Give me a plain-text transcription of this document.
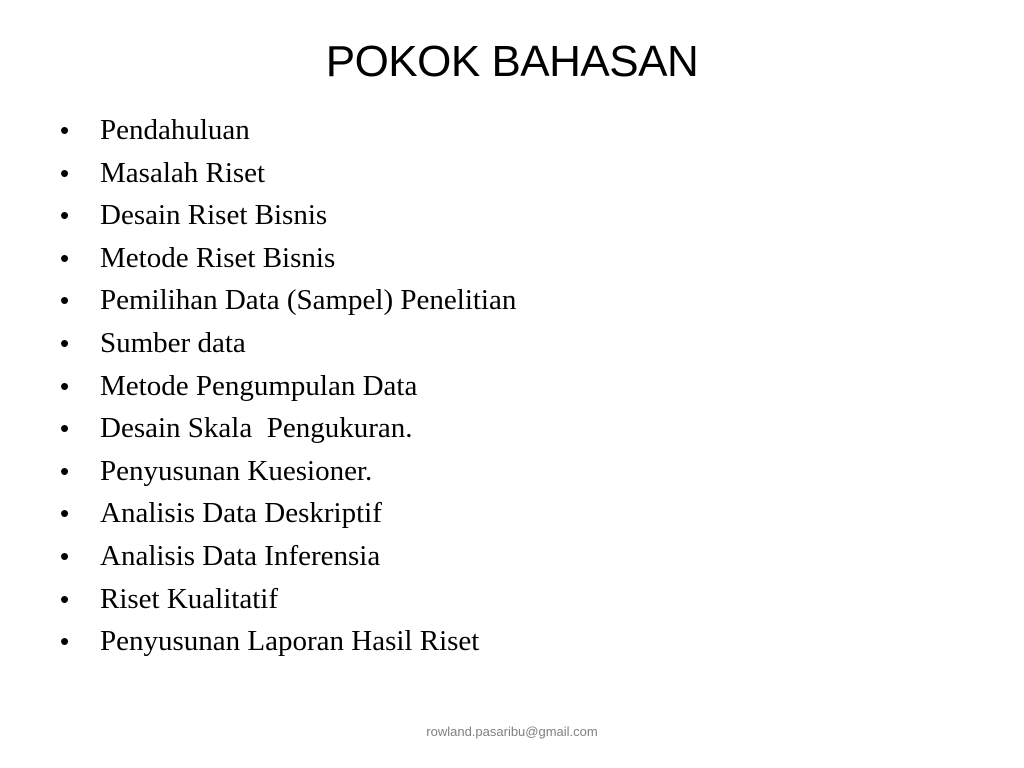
POKOK BAHASAN
•	Pendahuluan
•	Masalah Riset
•	Desain Riset Bisnis
•	Metode Riset Bisnis
•	Pemilihan Data (Sampel) Penelitian
•	Sumber data
•	Metode Pengumpulan Data
•	Desain Skala  Pengukuran.
•	Penyusunan Kuesioner.
•	Analisis Data Deskriptif
•	Analisis Data Inferensia
•	Riset Kualitatif
•	Penyusunan Laporan Hasil Riset
rowland.pasaribu@gmail.com
